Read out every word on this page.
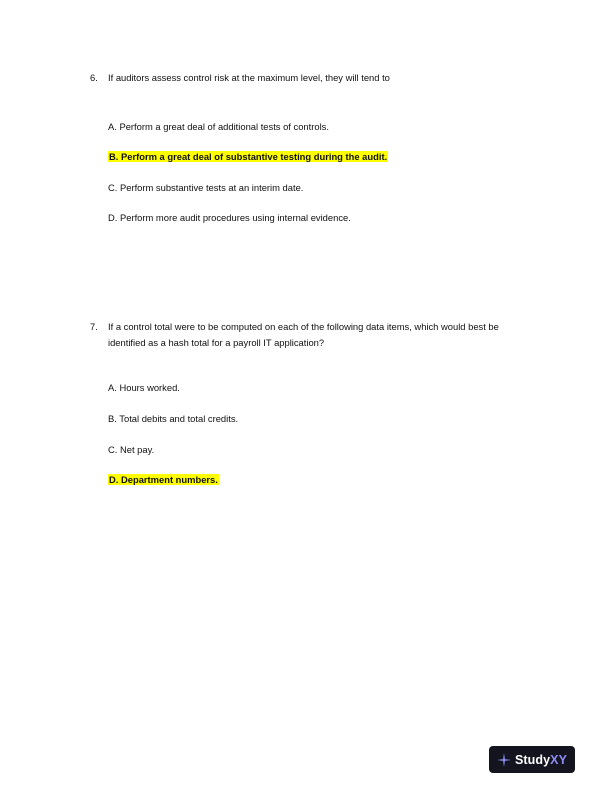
6.	If auditors assess control risk at the maximum level, they will tend to
A. Perform a great deal of additional tests of controls.
B. Perform a great deal of substantive testing during the audit.
C. Perform substantive tests at an interim date.
D. Perform more audit procedures using internal evidence.
7.	If a control total were to be computed on each of the following data items, which would best be identified as a hash total for a payroll IT application?
A. Hours worked.
B. Total debits and total credits.
C. Net pay.
D. Department numbers.
StudyXY
